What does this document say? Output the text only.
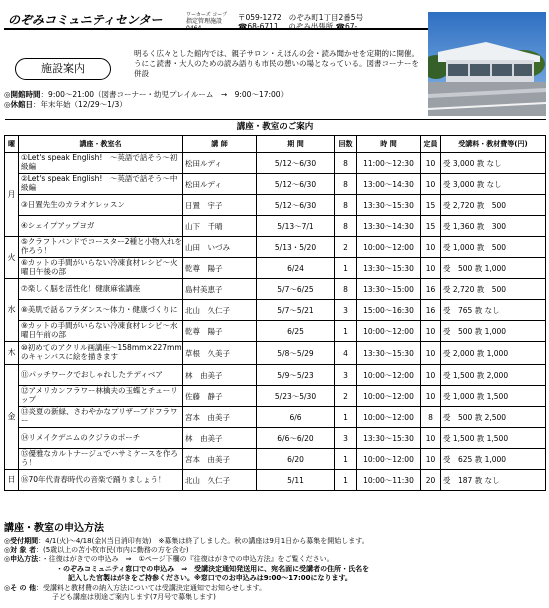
のぞみコミュニティセンター	ワーカーズ コープ
指定管理施設
0464
〒059-1272 のぞみ町1丁目2番5号
☎68-6711 のぞみ出張所 ☎67-
施設案内
明るく広々とした館内では、親子サロン・えほんの会・読み聞かせを定期的に開催。うにこ読書・大人のための読み語りも市民の憩いの場となっている。図書コーナーを併設
◎開館時間：9:00～21:00（図書コーナー・幼児プレイルーム　→　9:00～17:00）
◎休館日：年末年始（12/29～1/3）
講座・教室のご案内							
曜	講座・教室名	講 師	期 間	回数	時 間	定員	受講料・教材費等(円)
月	①Let's speak English!　～英語で話そう～初級編	松田ルディ	5/12～6/30	8	11:00～12:30	10	受 3,000 教 なし
	②Let's speak English!　～英語で話そう～中級編	松田ルディ	5/12～6/30	8	13:00～14:30	10	受 3,000 教 なし
	③日置先生のカラオケレッスン	日置　宇子	5/12～6/30	8	13:30～15:30	15	受 2,720 教　500
	④シェイプアップヨガ	山下　千晴	5/13～7/1	8	13:30～14:30	15	受 1,360 教　300
火	⑤クラフトバンドでコースター2種と小物入れを作ろう！	山田　いづみ	5/13・5/20	2	10:00～12:00	10	受 1,000 教　500
	⑥カットの手間がいらない冷凍食材レシピ～火曜日午後の部	乾尊　陽子	6/24	1	13:30～15:30	10	受　500 教 1,000
水	⑦楽しく脳を活性化！健康麻雀講座	島村美恵子	5/7～6/25	8	13:30～15:00	16	受 2,720 教　500
	⑧美肌で話るフラダンス～体力・健康づくりに	北山　久仁子	5/7～5/21	3	15:00～16:30	16	受　765 教 なし
	⑨カットの手間がいらない冷凍食材レシピ～水曜日午前の部	乾尊　陽子	6/25	1	10:00～12:00	10	受　500 教 1,000
木	⑩初めてのアクリル画講座～158mm×227mmのキャンバスに絵を描きます	草根　久美子	5/8～5/29	4	13:30～15:30	10	受 2,000 教 1,000
金	⑪パッチワークでおしゃれしたテディベア	林　由美子	5/9～5/23	3	10:00～12:00	10	受 1,500 教 2,000
	⑫アメリカンフラワー林檎夫の玉蝶とチューリップ	佐藤　静子	5/23～5/30	2	10:00～12:00	10	受 1,000 教 1,500
	⑬炎夏の新緑、さわやかなプリザーブドフラワー	宮本　由美子	6/6	1	10:00～12:00	8	受　500 教 2,500
	⑭リメイクデニムのクジラのポーチ	林　由美子	6/6～6/20	3	13:30～15:30	10	受 1,500 教 1,500
	⑮優雅なカルトナージュでハサミケースを作ろう！	宮本　由美子	6/20	1	10:00～12:00	10	受　625 教 1,000
日	⑯70年代青春時代の音楽で踊りましょう！	北山　久仁子	5/11	1	10:00～11:30	20	受　187 教 なし
講座・教室の申込方法
◎受付期間：4/1(火)～4/18(金)(当日消印有効)　※募集は終了しました。秋の講座は9月1日から募集を開始します。
◎対 象 者：(5歳以上の苫小牧市民(市内に勤務の方を含む)
◎申込方法：・往復はがきでの申込み　⇒　①ページ下欄の『往復はがきでの申込方法』をご覧ください。
・のぞみコミュニティ窓口での申込み　⇒　受講決定通知発送用に、宛名面に受講者の住所・氏名を
記入した官製はがきをご持参ください。※窓口でのお申込みは9:00～17:00になります。
◎そ の 他：受講料と教材費の納入方法については受講決定通知でお知らせします。
子ども講座は別途ご案内します(7月号で募集します)
